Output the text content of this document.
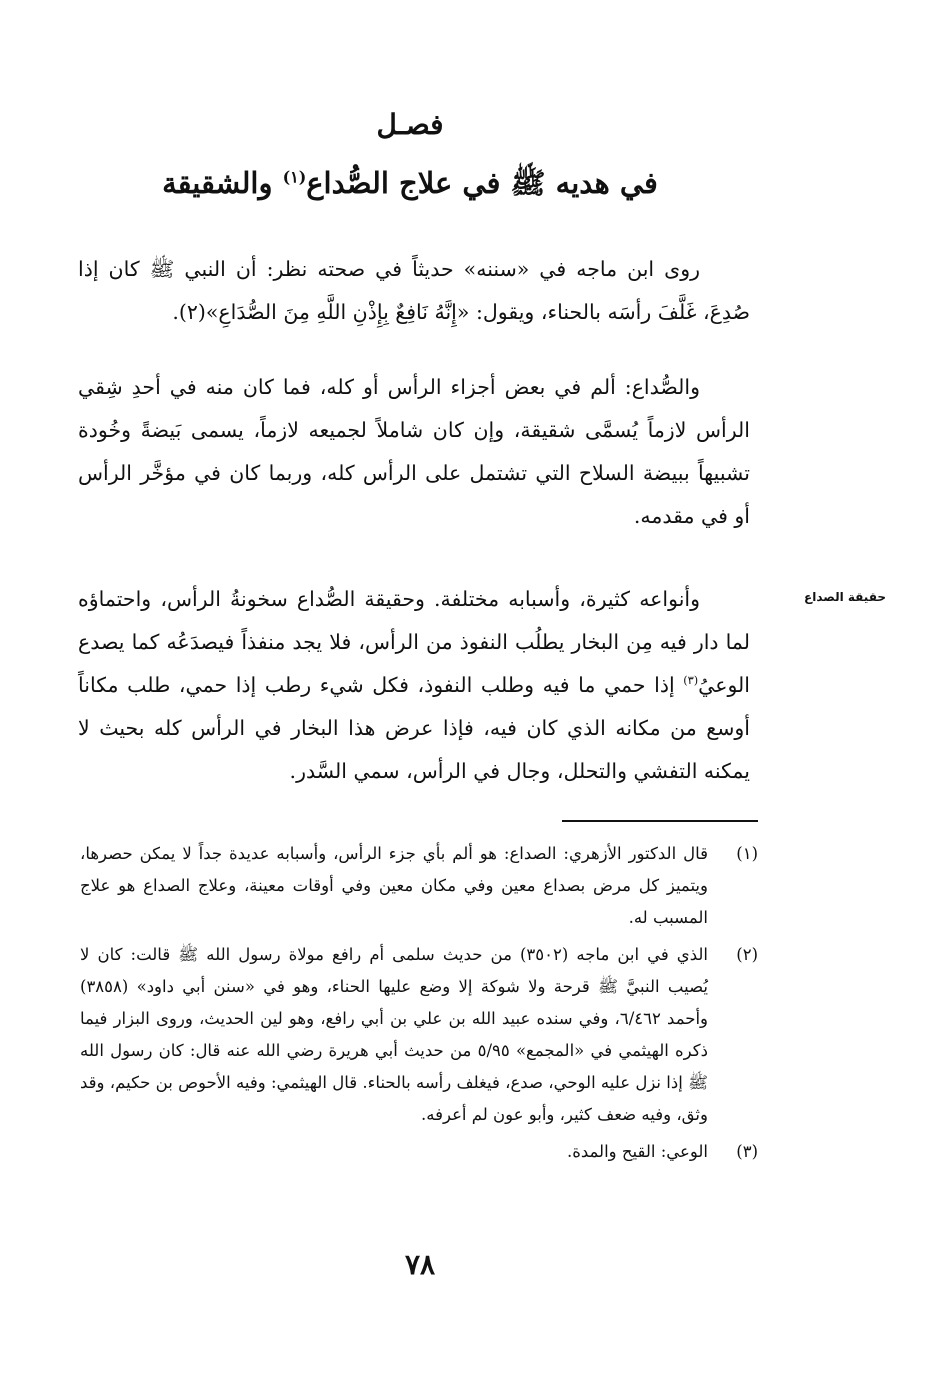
فصـل
في هديه ﷺ في علاج الصُّداع$^{(١)}$ والشقيقة

روى ابن ماجه في «سننه» حديثاً في صحته نظر: أن النبي ﷺ كان إذا صُدِعَ، غَلَّفَ رأسَه بالحناء، ويقول: «إِنَّهُ نَافِعٌ بِإِذْنِ اللَّهِ مِنَ الصُّدَاعِ»(٢).

والصُّداع: ألم في بعض أجزاء الرأس أو كله، فما كان منه في أحدِ شِقي الرأس لازماً يُسمَّى شقيقة، وإن كان شاملاً لجميعه لازماً، يسمى بَيضةً وخُودة تشبيهاً ببيضة السلاح التي تشتمل على الرأس كله، وربما كان في مؤخَّر الرأس أو في مقدمه.

وأنواعه كثيرة، وأسبابه مختلفة. وحقيقة الصُّداع سخونةُ الرأس، واحتماؤه لما دار فيه مِن البخار يطلُب النفوذ من الرأس، فلا يجد منفذاً فيصدَعُه كما يصدع الوعيُ$^{(٣)}$ إذا حمي ما فيه وطلب النفوذ، فكل شيء رطب إذا حمي، طلب مكاناً أوسع من مكانه الذي كان فيه، فإذا عرض هذا البخار في الرأس كله بحيث لا يمكنه التفشي والتحلل، وجال في الرأس، سمي السَّدر.

حقيقة الصداع
(١)
قال الدكتور الأزهري: الصداع: هو ألم بأي جزء الرأس، وأسبابه عديدة جداً لا يمكن حصرها، ويتميز كل مرض بصداع معين وفي مكان معين وفي أوقات معينة، وعلاج الصداع هو علاج المسبب له.
(٢)
الذي في ابن ماجه (٣٥٠٢) من حديث سلمى أم رافع مولاة رسول الله ﷺ قالت: كان لا يُصيب النبيَّ ﷺ قرحة ولا شوكة إلا وضع عليها الحناء، وهو في «سنن أبي داود» (٣٨٥٨) وأحمد ٦/٤٦٢، وفي سنده عبيد الله بن علي بن أبي رافع، وهو لين الحديث، وروى البزار فيما ذكره الهيثمي في «المجمع» ٥/٩٥ من حديث أبي هريرة رضي الله عنه قال: كان رسول الله ﷺ إذا نزل عليه الوحي، صدع، فيغلف رأسه بالحناء. قال الهيثمي: وفيه الأحوص بن حكيم، وقد وثق، وفيه ضعف كثير، وأبو عون لم أعرفه.
(٣)
الوعي: القيح والمدة.
٧٨
